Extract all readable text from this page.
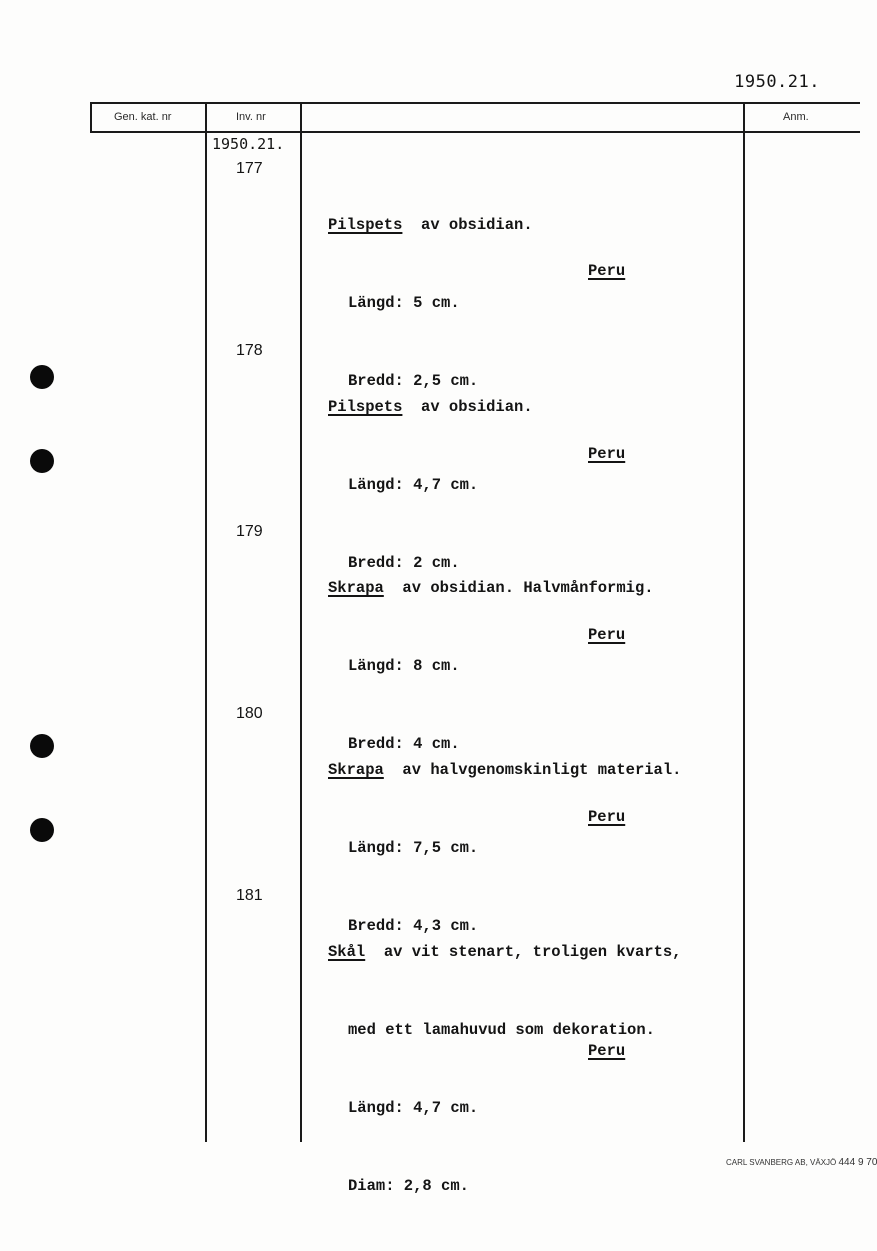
1950.21.
Gen. kat. nr	Inv. nr	Anm.
1950.21.
177

Pilspets  av obsidian.

Längd: 5 cm.

Bredd: 2,5 cm.

Peru
178

Pilspets  av obsidian.

Längd: 4,7 cm.

Bredd: 2 cm.

Peru
179

Skrapa  av obsidian. Halvmånformig.

Längd: 8 cm.

Bredd: 4 cm.

Peru
180

Skrapa  av halvgenomskinligt material.

Längd: 7,5 cm.

Bredd: 4,3 cm.

Peru
181

Skål  av vit stenart, troligen kvarts,

med ett lamahuvud som dekoration.

Längd: 4,7 cm.

Diam: 2,8 cm.

Peru
CARL SVANBERG AB, VÄXJÖ 444 9 70
